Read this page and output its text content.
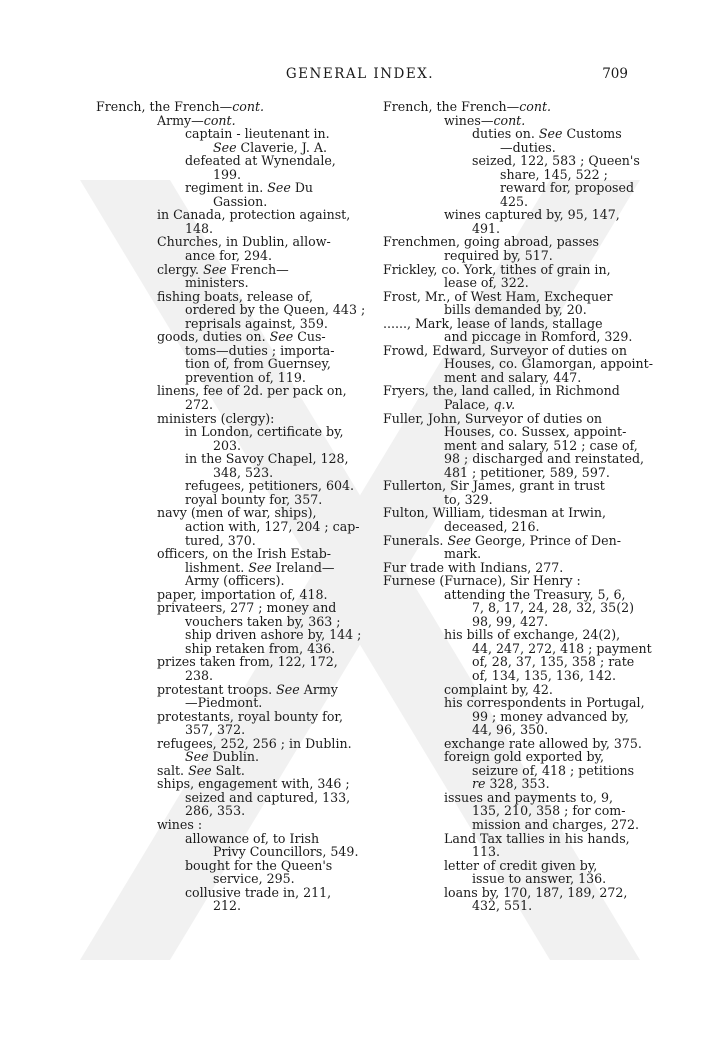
GENERAL INDEX.	709
French, the French—cont.
Army—cont.
captain - lieutenant in.
See Claverie, J. A.
defeated at Wynendale,
199.
regiment in. See Du
Gassion.
in Canada, protection against,
148.
Churches, in Dublin, allow-
ance for, 294.
clergy. See French—
ministers.
fishing boats, release of,
ordered by the Queen, 443 ;
reprisals against, 359.
goods, duties on. See Cus-
toms—duties ; importa-
tion of, from Guernsey,
prevention of, 119.
linens, fee of 2d. per pack on,
272.
ministers (clergy):
in London, certificate by,
203.
in the Savoy Chapel, 128,
348, 523.
refugees, petitioners, 604.
royal bounty for, 357.
navy (men of war, ships),
action with, 127, 204 ; cap-
tured, 370.
officers, on the Irish Estab-
lishment. See Ireland—
Army (officers).
paper, importation of, 418.
privateers, 277 ; money and
vouchers taken by, 363 ;
ship driven ashore by, 144 ;
ship retaken from, 436.
prizes taken from, 122, 172,
238.
protestant troops. See Army
—Piedmont.
protestants, royal bounty for,
357, 372.
refugees, 252, 256 ; in Dublin.
See Dublin.
salt. See Salt.
ships, engagement with, 346 ;
seized and captured, 133,
286, 353.
wines :
allowance of, to Irish
Privy Councillors, 549.
bought for the Queen's
service, 295.
collusive trade in, 211,
212.
French, the French—cont.
wines—cont.
duties on. See Customs
—duties.
seized, 122, 583 ; Queen's
share, 145, 522 ;
reward for, proposed
425.
wines captured by, 95, 147,
491.
Frenchmen, going abroad, passes
required by, 517.
Frickley, co. York, tithes of grain in,
lease of, 322.
Frost, Mr., of West Ham, Exchequer
bills demanded by, 20.
......, Mark, lease of lands, stallage
and piccage in Romford, 329.
Frowd, Edward, Surveyor of duties on
Houses, co. Glamorgan, appoint-
ment and salary, 447.
Fryers, the, land called, in Richmond
Palace, q.v.
Fuller, John, Surveyor of duties on
Houses, co. Sussex, appoint-
ment and salary, 512 ; case of,
98 ; discharged and reinstated,
481 ; petitioner, 589, 597.
Fullerton, Sir James, grant in trust
to, 329.
Fulton, William, tidesman at Irwin,
deceased, 216.
Funerals. See George, Prince of Den-
mark.
Fur trade with Indians, 277.
Furnese (Furnace), Sir Henry :
attending the Treasury, 5, 6,
7, 8, 17, 24, 28, 32, 35(2)
98, 99, 427.
his bills of exchange, 24(2),
44, 247, 272, 418 ; payment
of, 28, 37, 135, 358 ; rate
of, 134, 135, 136, 142.
complaint by, 42.
his correspondents in Portugal,
99 ; money advanced by,
44, 96, 350.
exchange rate allowed by, 375.
foreign gold exported by,
seizure of, 418 ; petitions
re 328, 353.
issues and payments to, 9,
135, 210, 358 ; for com-
mission and charges, 272.
Land Tax tallies in his hands,
113.
letter of credit given by,
issue to answer, 136.
loans by, 170, 187, 189, 272,
432, 551.
